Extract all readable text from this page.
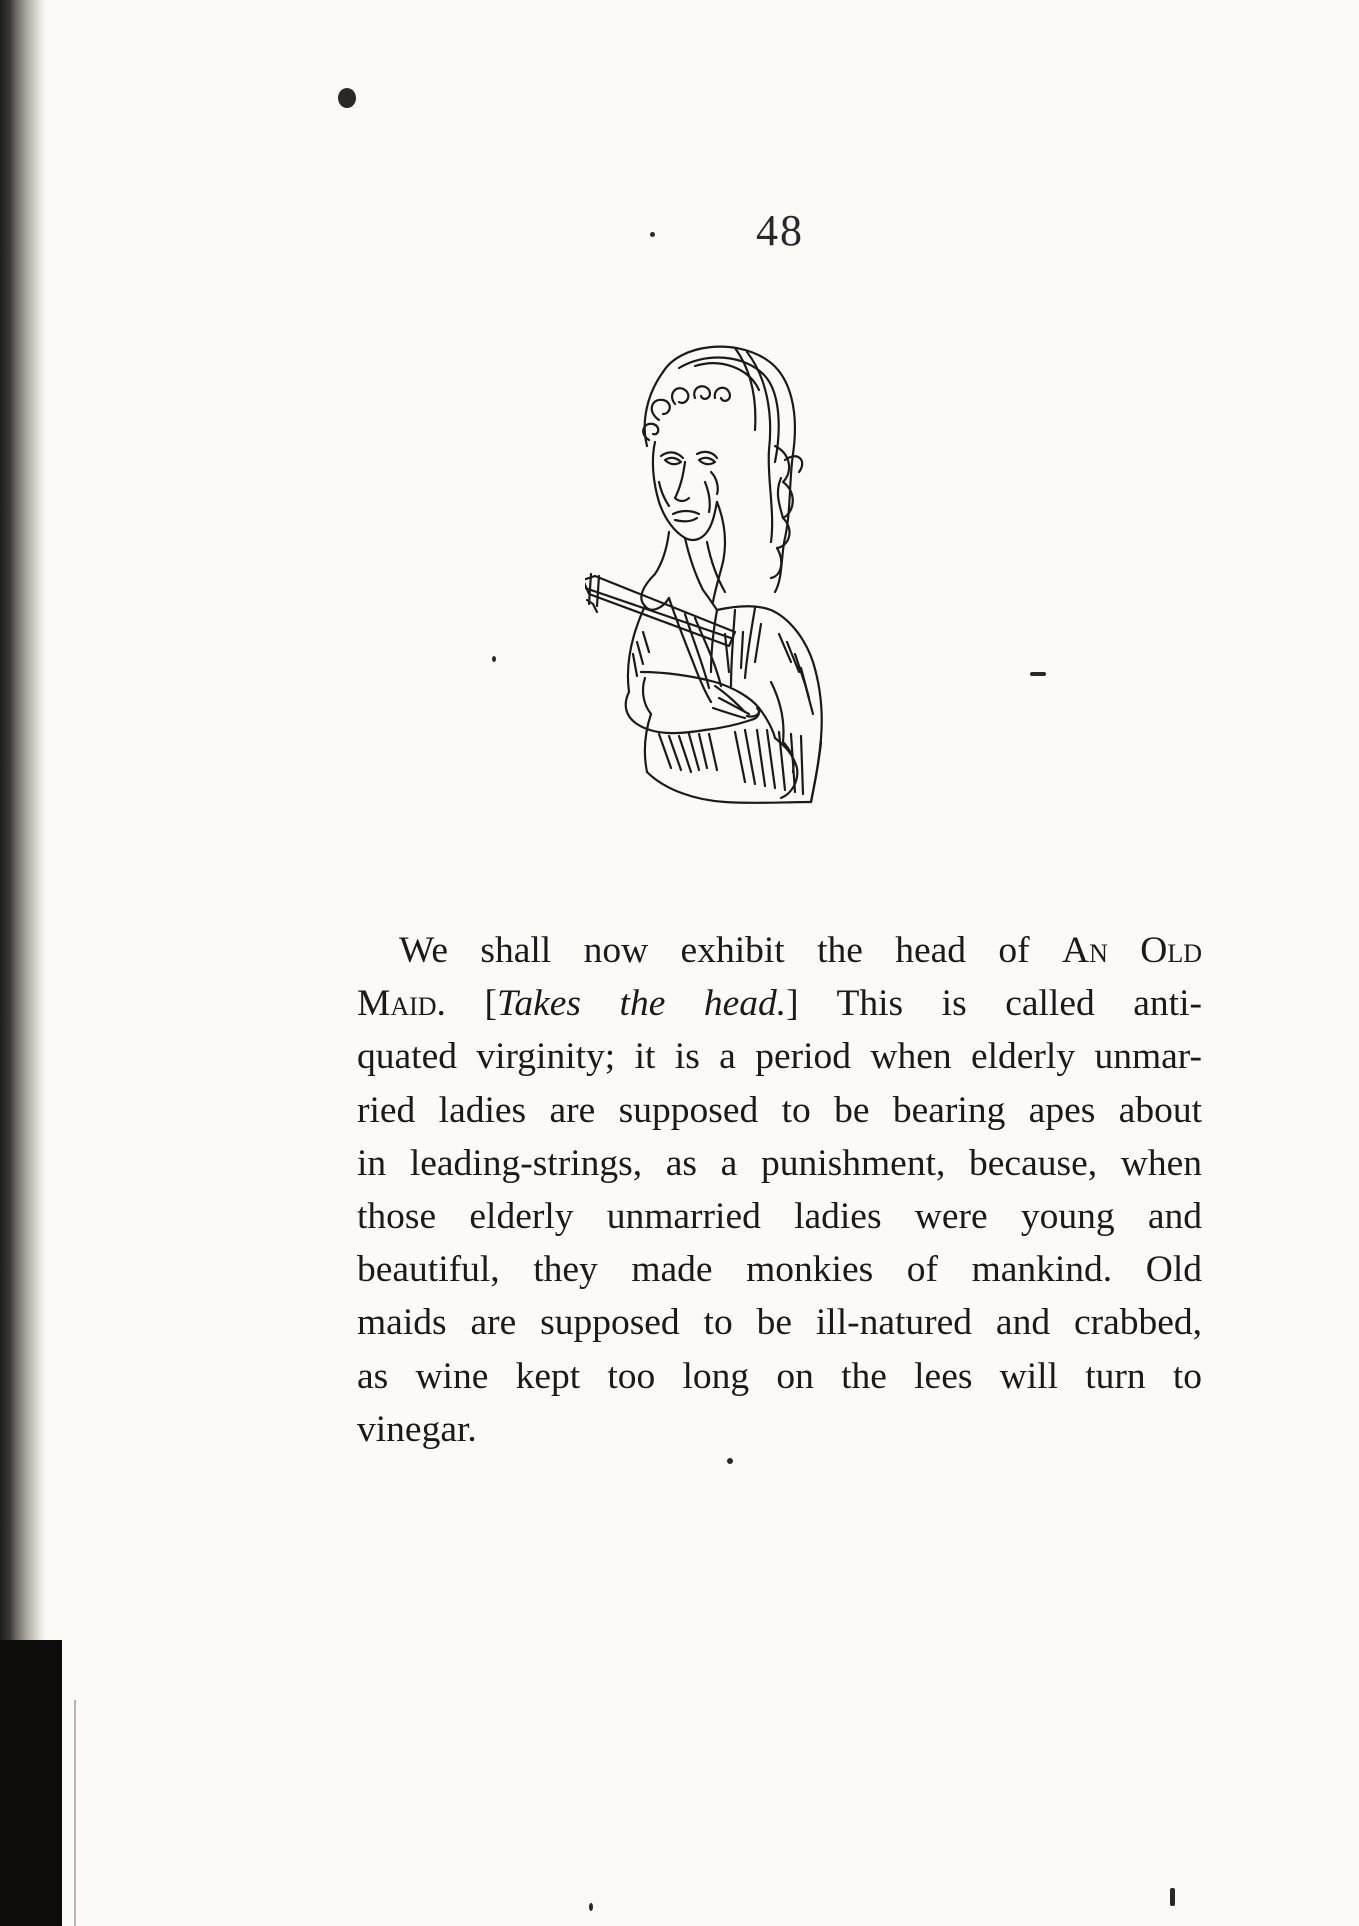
48
We shall now exhibit the head of An Old
Maid. [Takes the head.] This is called anti-
quated virginity; it is a period when elderly unmar-
ried ladies are supposed to be bearing apes about
in leading-strings, as a punishment, because, when
those elderly unmarried ladies were young and
beautiful, they made monkies of mankind. Old
maids are supposed to be ill-natured and crabbed,
as wine kept too long on the lees will turn to
vinegar.
